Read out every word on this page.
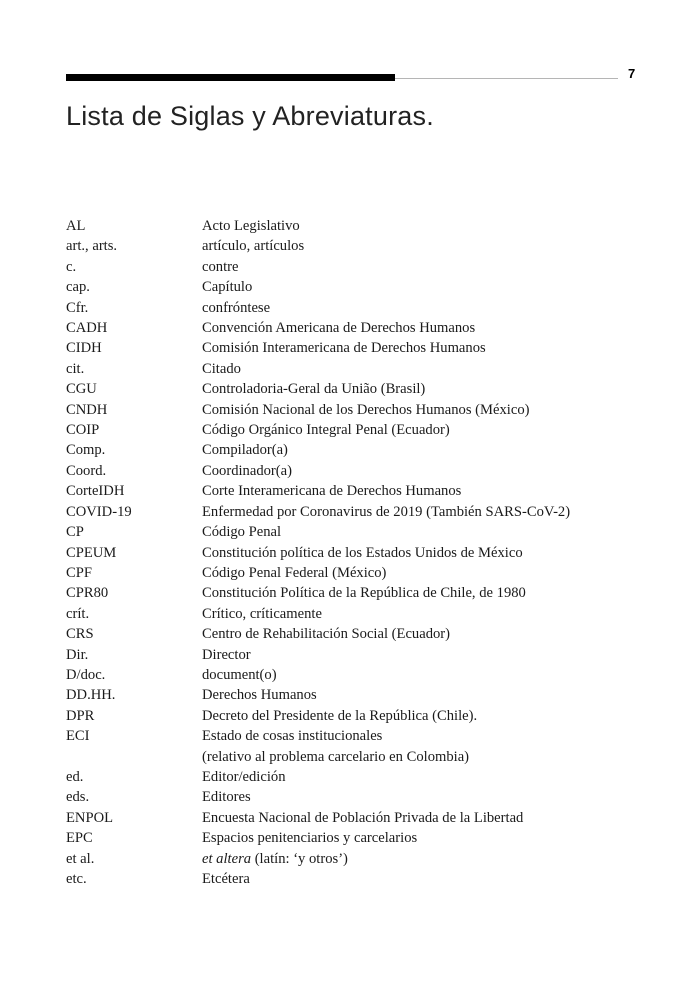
7
Lista de Siglas y Abreviaturas.
AL	Acto Legislativo
art., arts.	artículo, artículos
c.	contre
cap.	Capítulo
Cfr.	confróntese
CADH	Convención Americana de Derechos Humanos
CIDH	Comisión Interamericana de Derechos Humanos
cit.	Citado
CGU	Controladoria-Geral da União (Brasil)
CNDH	Comisión Nacional de los Derechos Humanos (México)
COIP	Código Orgánico Integral Penal (Ecuador)
Comp.	Compilador(a)
Coord.	Coordinador(a)
CorteIDH	Corte Interamericana de Derechos Humanos
COVID-19	Enfermedad por Coronavirus de 2019 (También SARS-CoV-2)
CP	Código Penal
CPEUM	Constitución política de los Estados Unidos de México
CPF	Código Penal Federal (México)
CPR80	Constitución Política de la República de Chile, de 1980
crít.	Crítico, críticamente
CRS	Centro de Rehabilitación Social (Ecuador)
Dir.	Director
D/doc.	document(o)
DD.HH.	Derechos Humanos
DPR	Decreto del Presidente de la República (Chile).
ECI	Estado de cosas institucionales
(relativo al problema carcelario en Colombia)
ed.	Editor/edición
eds.	Editores
ENPOL	Encuesta Nacional de Población Privada de la Libertad
EPC	Espacios penitenciarios y carcelarios
et al.	et altera (latín: ‘y otros’)
etc.	Etcétera
